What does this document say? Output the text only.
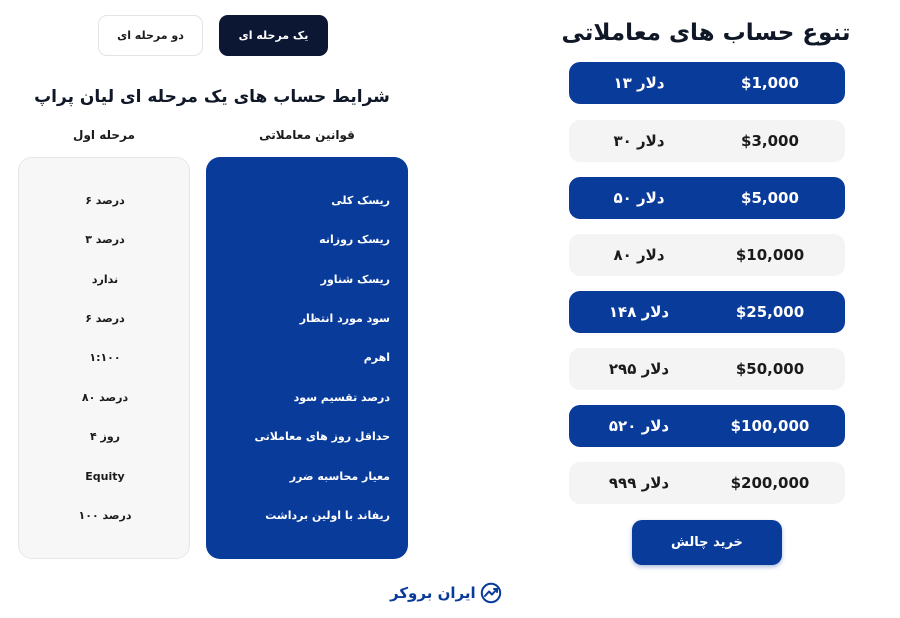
تنوع حساب های معاملاتی
$1,000
۱۳ دلار
$3,000
۳۰ دلار
$5,000
۵۰ دلار
$10,000
۸۰ دلار
$25,000
۱۴۸ دلار
$50,000
۲۹۵ دلار
$100,000
۵۲۰ دلار
$200,000
۹۹۹ دلار
خرید چالش
یک مرحله ای
دو مرحله ای
شرایط حساب های یک مرحله ای لیان پراپ
قوانین معاملاتی
مرحله اول
ریسک کلی
ریسک روزانه
ریسک شناور
سود مورد انتظار
اهرم
درصد تقسیم سود
حداقل روز های معاملاتی
معیار محاسبه ضرر
ریفاند با اولین برداشت
۶ درصد
۳ درصد
ندارد
۶ درصد
۱:۱۰۰
۸۰ درصد
۴ روز
Equity
۱۰۰ درصد
ایران بروکر
